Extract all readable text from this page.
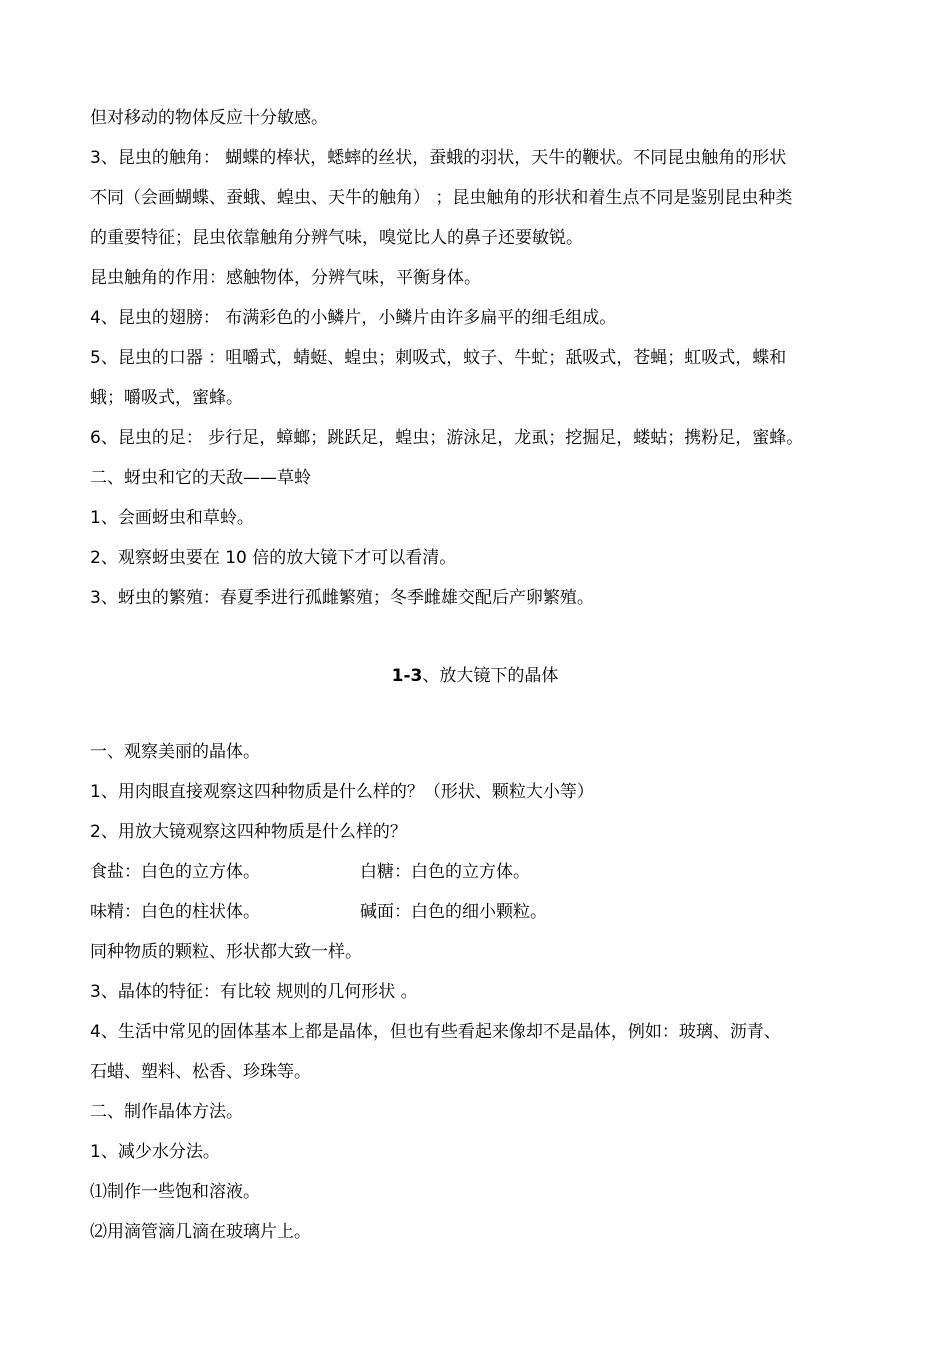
但对移动的物体反应十分敏感。
3、昆虫的触角： 蝴蝶的棒状，蟋蟀的丝状，蚕蛾的羽状，天牛的鞭状。不同昆虫触角的形状
不同（会画蝴蝶、蚕蛾、蝗虫、天牛的触角） ；昆虫触角的形状和着生点不同是鉴别昆虫种类
的重要特征；昆虫依靠触角分辨气味，嗅觉比人的鼻子还要敏锐。
昆虫触角的作用：感触物体，分辨气味，平衡身体。
4、昆虫的翅膀： 布满彩色的小鳞片，小鳞片由许多扁平的细毛组成。
5、昆虫的口器 ：咀嚼式，蜻蜓、蝗虫；刺吸式，蚊子、牛虻；舐吸式，苍蝇；虹吸式，蝶和
蛾；嚼吸式，蜜蜂。
6、昆虫的足： 步行足，蟑螂；跳跃足，蝗虫；游泳足，龙虱；挖掘足，蝼蛄；携粉足，蜜蜂。
二、蚜虫和它的天敌——草蛉
1、会画蚜虫和草蛉。
2、观察蚜虫要在 10 倍的放大镜下才可以看清。
3、蚜虫的繁殖：春夏季进行孤雌繁殖；冬季雌雄交配后产卵繁殖。
1-3、放大镜下的晶体
一、观察美丽的晶体。
1、用肉眼直接观察这四种物质是什么样的？（形状、颗粒大小等）
2、用放大镜观察这四种物质是什么样的？
食盐：白色的立方体。	白糖：白色的立方体。
味精：白色的柱状体。	碱面：白色的细小颗粒。
同种物质的颗粒、形状都大致一样。
3、晶体的特征：有比较 规则的几何形状 。
4、生活中常见的固体基本上都是晶体，但也有些看起来像却不是晶体，例如：玻璃、沥青、
石蜡、塑料、松香、珍珠等。
二、制作晶体方法。
1、减少水分法。
⑴制作一些饱和溶液。
⑵用滴管滴几滴在玻璃片上。
